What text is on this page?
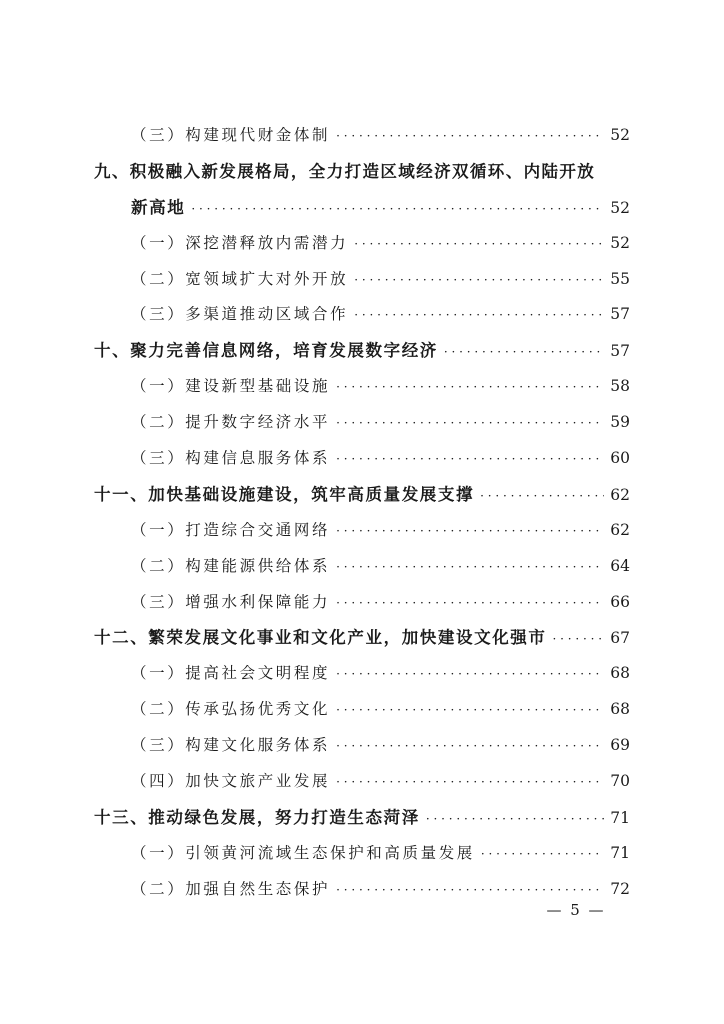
（三）构建现代财金体制 · · ·	52
九、积极融入新发展格局，全力打造区域经济双循环、内陆开放
新高地 · · ·	52
（一）深挖潜释放内需潜力 · · ·	52
（二）宽领域扩大对外开放 · · ·	55
（三）多渠道推动区域合作 · · ·	57
十、聚力完善信息网络，培育发展数字经济 · · ·	57
（一）建设新型基础设施 · · ·	58
（二）提升数字经济水平 · · ·	59
（三）构建信息服务体系 · · ·	60
十一、加快基础设施建设，筑牢高质量发展支撑 · · ·	62
（一）打造综合交通网络 · · ·	62
（二）构建能源供给体系 · · ·	64
（三）增强水利保障能力 · · ·	66
十二、繁荣发展文化事业和文化产业，加快建设文化强市 · · ·	67
（一）提高社会文明程度 · · ·	68
（二）传承弘扬优秀文化 · · ·	68
（三）构建文化服务体系 · · ·	69
（四）加快文旅产业发展 · · ·	70
十三、推动绿色发展，努力打造生态菏泽 · · ·	71
（一）引领黄河流域生态保护和高质量发展 · · ·	71
（二）加强自然生态保护 · · ·	72
— 5 —
